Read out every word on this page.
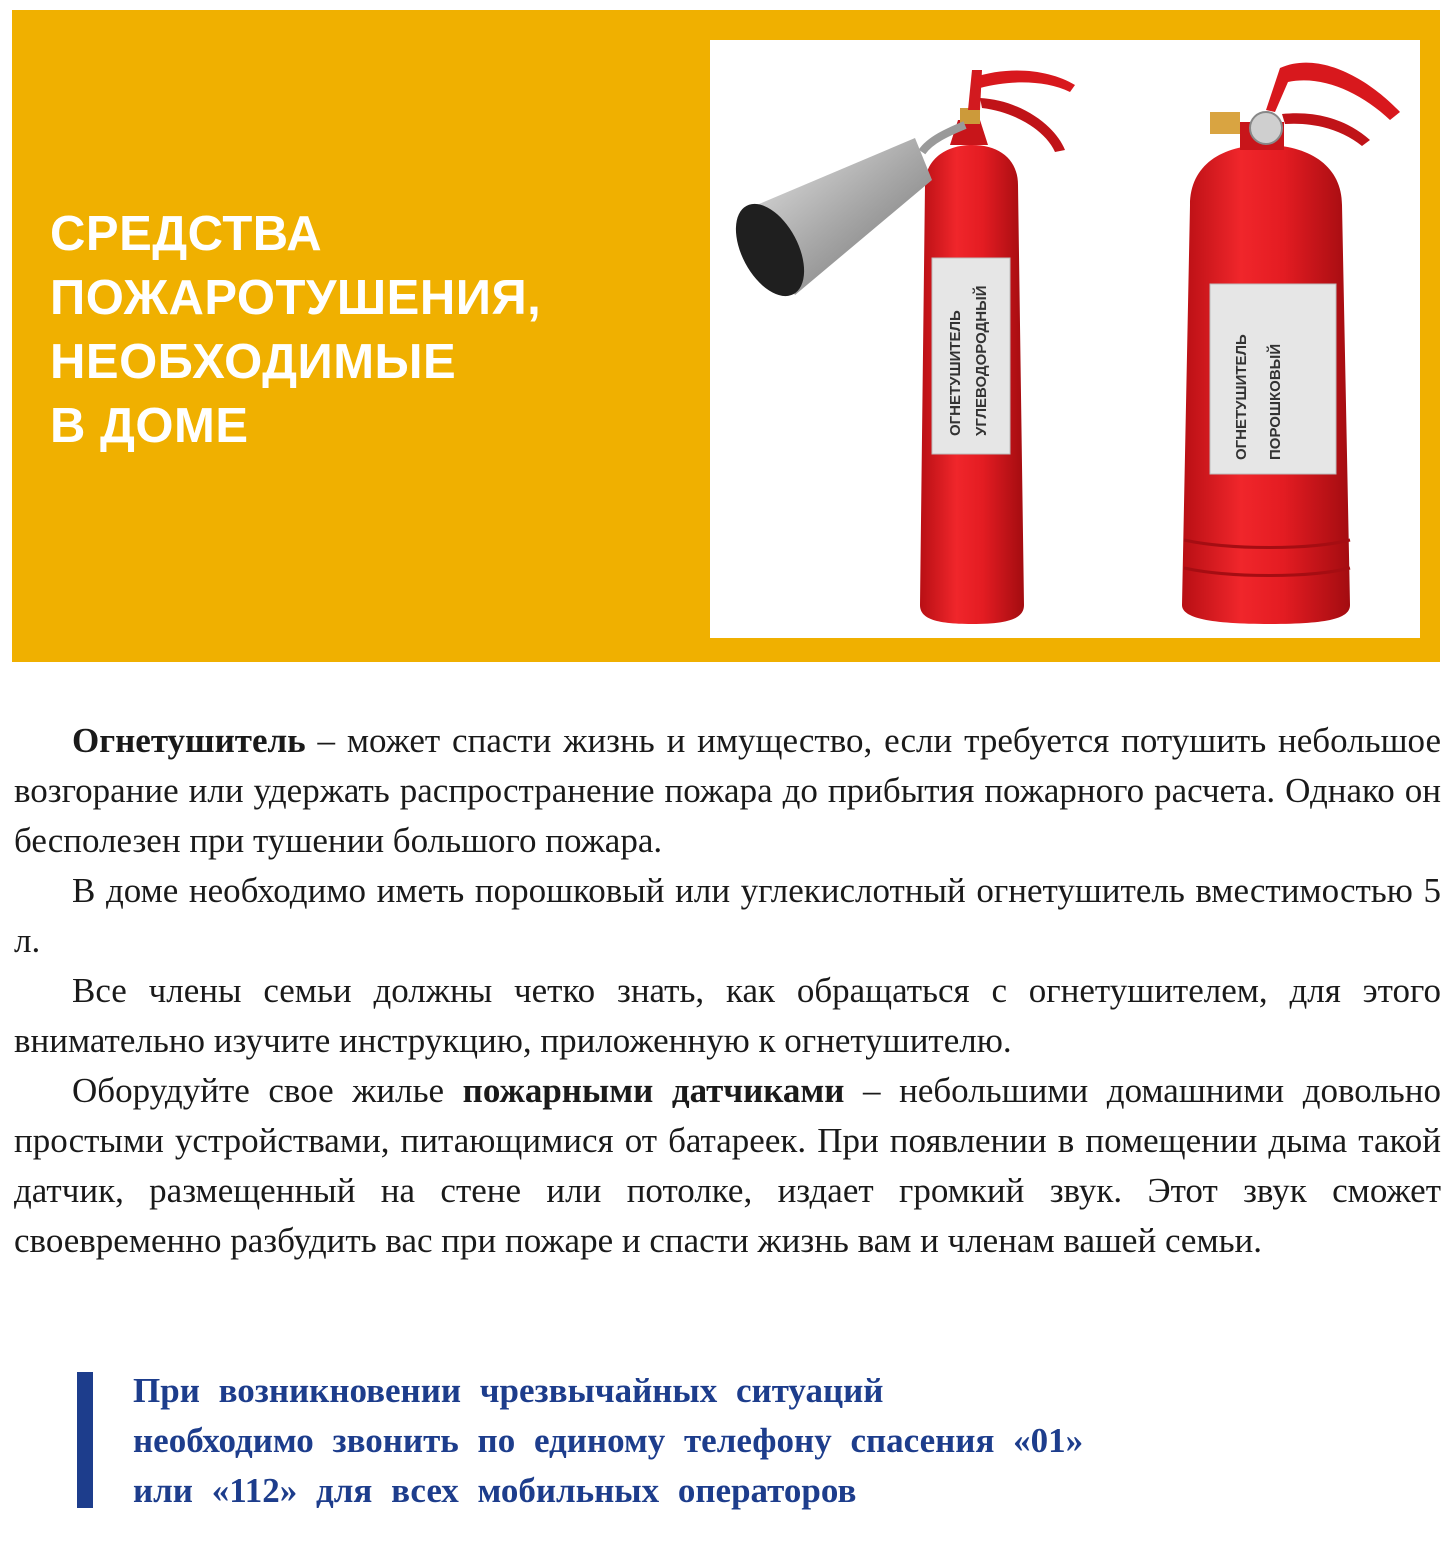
СРЕДСТВА
ПОЖАРОТУШЕНИЯ,
НЕОБХОДИМЫЕ
В ДОМЕ	ОГНЕТУШИТЕЛЬ УГЛЕВОДОРОДНЫЙ	ОГНЕТУШИТЕЛЬ ПОРОШКОВЫЙ

Огнетушитель – может спасти жизнь и имущество, если требуется потушить небольшое возгорание или удержать распространение пожара до прибытия пожарного расчета. Однако он бесполезен при тушении большого пожара.

В доме необходимо иметь порошковый или углекислотный огнетушитель вместимостью 5 л.

Все члены семьи должны четко знать, как обращаться с огнетушителем, для этого внимательно изучите инструкцию, приложенную к огнетушителю.

Оборудуйте свое жилье пожарными датчиками – небольшими домашними довольно простыми устройствами, питающимися от батареек. При появлении в помещении дыма такой датчик, размещенный на стене или потолке, издает громкий звук. Этот звук сможет своевременно разбудить вас при пожаре и спасти жизнь вам и членам вашей семьи.

При возникновении чрезвычайных ситуаций
необходимо звонить по единому телефону спасения «01»
или «112» для всех мобильных операторов
